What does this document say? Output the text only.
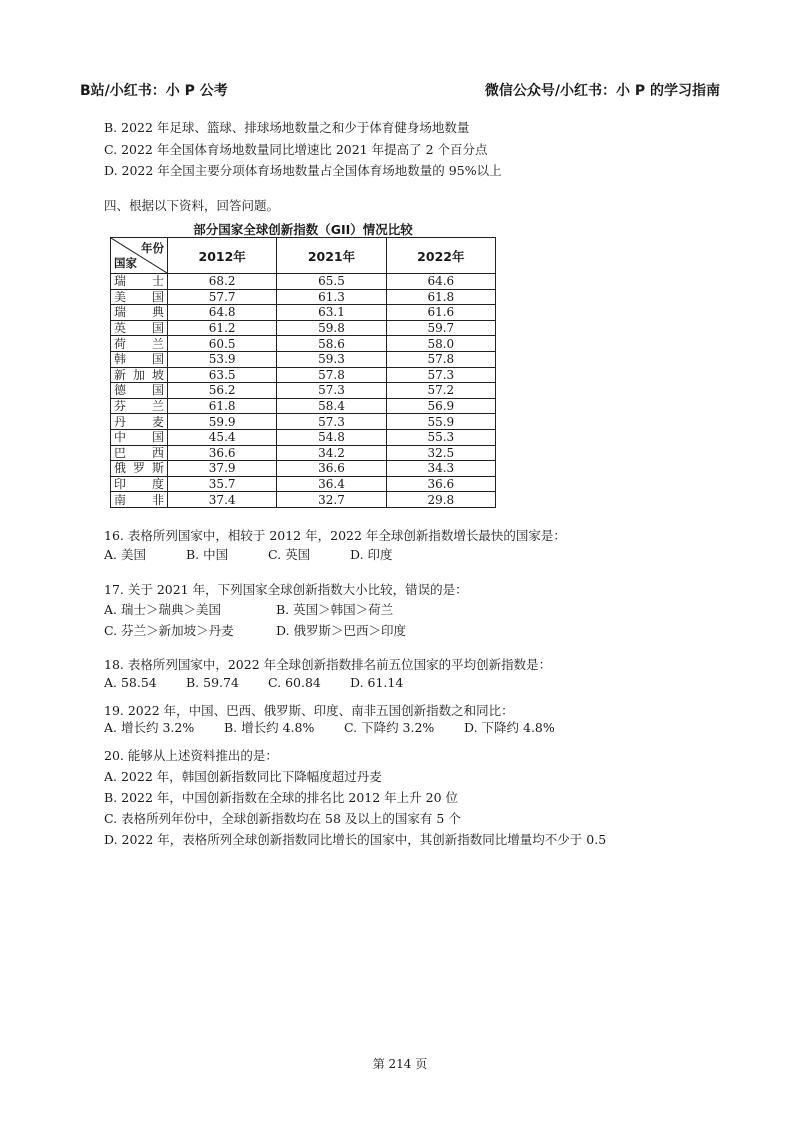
B站/小红书：小 P 公考	微信公众号/小红书：小 P 的学习指南
B. 2022 年足球、篮球、排球场地数量之和少于体育健身场地数量
C. 2022 年全国体育场地数量同比增速比 2021 年提高了 2 个百分点
D. 2022 年全国主要分项体育场地数量占全国体育场地数量的 95%以上
四、根据以下资料，回答问题。
部分国家全球创新指数（GII）情况比较
年份
国家	2012年	2021年	2022年
瑞士	68.2	65.5	64.6
美国	57.7	61.3	61.8
瑞典	64.8	63.1	61.6
英国	61.2	59.8	59.7
荷兰	60.5	58.6	58.0
韩国	53.9	59.3	57.8
新加坡	63.5	57.8	57.3
德国	56.2	57.3	57.2
芬兰	61.8	58.4	56.9
丹麦	59.9	57.3	55.9
中国	45.4	54.8	55.3
巴西	36.6	34.2	32.5
俄罗斯	37.9	36.6	34.3
印度	35.7	36.4	36.6
南非	37.4	32.7	29.8
16. 表格所列国家中，相较于 2012 年，2022 年全球创新指数增长最快的国家是：
A. 美国	B. 中国	C. 英国	D. 印度
17. 关于 2021 年，下列国家全球创新指数大小比较，错误的是：
A. 瑞士＞瑞典＞美国	B. 英国＞韩国＞荷兰
C. 芬兰＞新加坡＞丹麦	D. 俄罗斯＞巴西＞印度
18. 表格所列国家中，2022 年全球创新指数排名前五位国家的平均创新指数是：
A. 58.54 B. 59.74 C. 60.84 D. 61.14
19. 2022 年，中国、巴西、俄罗斯、印度、南非五国创新指数之和同比：
A. 增长约 3.2% B. 增长约 4.8% C. 下降约 3.2% D. 下降约 4.8%
20. 能够从上述资料推出的是：
A. 2022 年，韩国创新指数同比下降幅度超过丹麦
B. 2022 年，中国创新指数在全球的排名比 2012 年上升 20 位
C. 表格所列年份中，全球创新指数均在 58 及以上的国家有 5 个
D. 2022 年，表格所列全球创新指数同比增长的国家中，其创新指数同比增量均不少于 0.5
第 214 页
